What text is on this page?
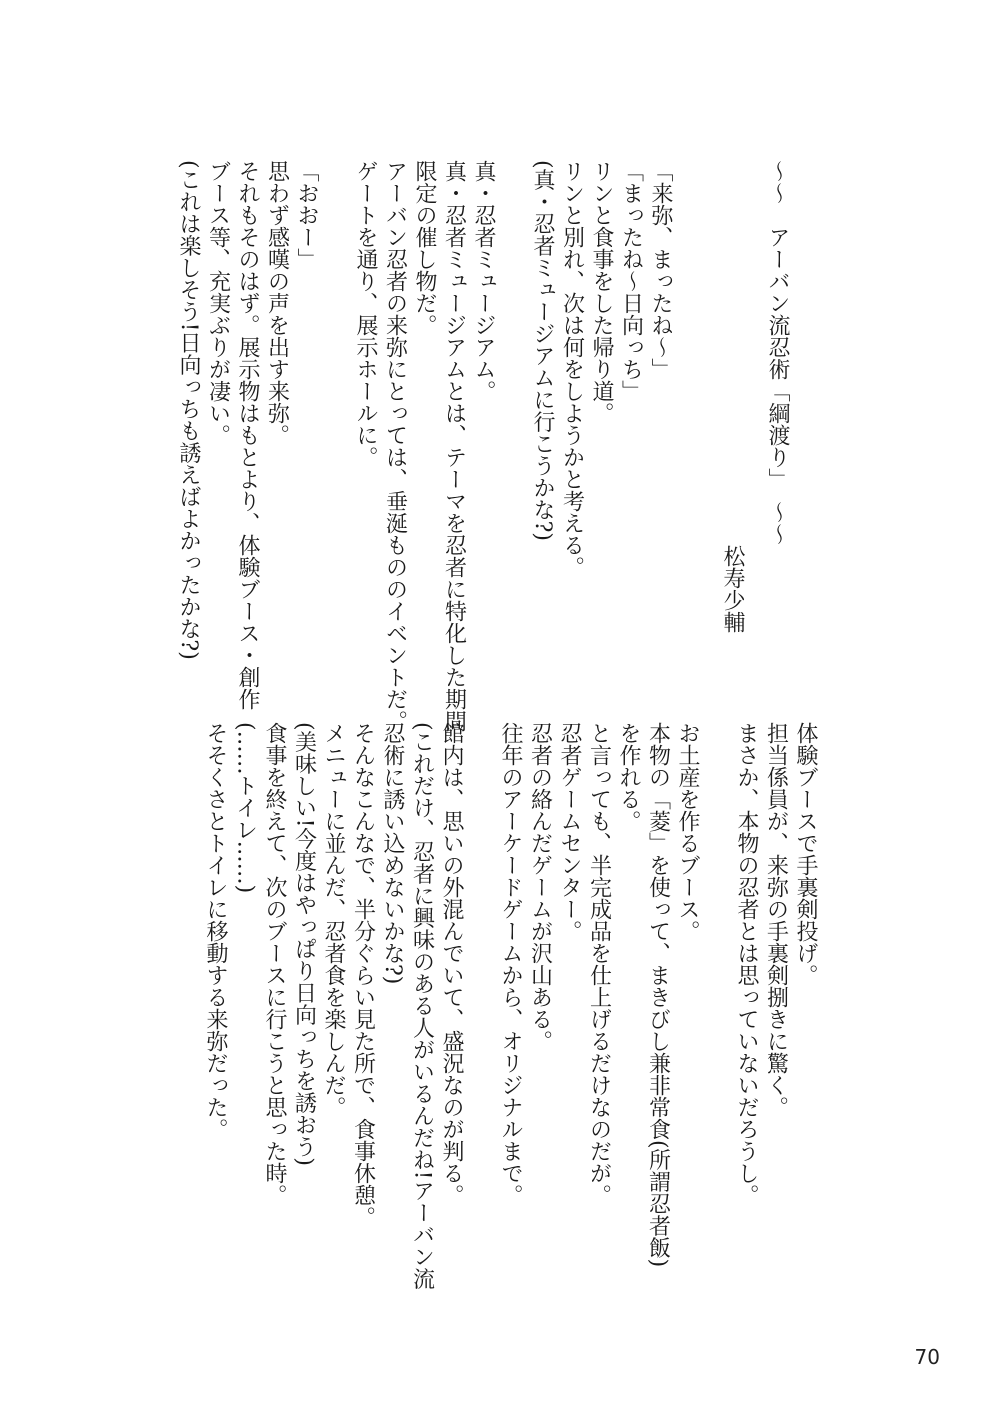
～～　アーバン流忍術「綱渡り」　～～
松寿少輔
「来弥、まったね～」
「まったね～日向っち」
リンと食事をした帰り道。
リンと別れ、次は何をしようかと考える。
(真・忍者ミュージアムに行こうかな?)
真・忍者ミュージアム。
真・忍者ミュージアムとは、テーマを忍者に特化した期間
限定の催し物だ。
アーバン忍者の来弥にとっては、垂涎もののイベントだ。
ゲートを通り、展示ホールに。
「おおー」
思わず感嘆の声を出す来弥。
それもそのはず。展示物はもとより、体験ブース・創作
ブース等、充実ぶりが凄い。
(これは楽しそう!日向っちも誘えばよかったかな?)
体験ブースで手裏剣投げ。
担当係員が、来弥の手裏剣捌きに驚く。
まさか、本物の忍者とは思っていないだろうし。
お土産を作るブース。
本物の「菱」を使って、まきびし兼非常食(所謂忍者飯)
を作れる。
と言っても、半完成品を仕上げるだけなのだが。
忍者ゲームセンター。
忍者の絡んだゲームが沢山ある。
往年のアーケードゲームから、オリジナルまで。
館内は、思いの外混んでいて、盛況なのが判る。
(これだけ、忍者に興味のある人がいるんだね!アーバン流
忍術に誘い込めないかな?)
そんなこんなで、半分ぐらい見た所で、食事休憩。
メニューに並んだ、忍者食を楽しんだ。
(美味しい!今度はやっぱり日向っちを誘おう)
食事を終えて、次のブースに行こうと思った時。
(……トイレ……)
そそくさとトイレに移動する来弥だった。
70
